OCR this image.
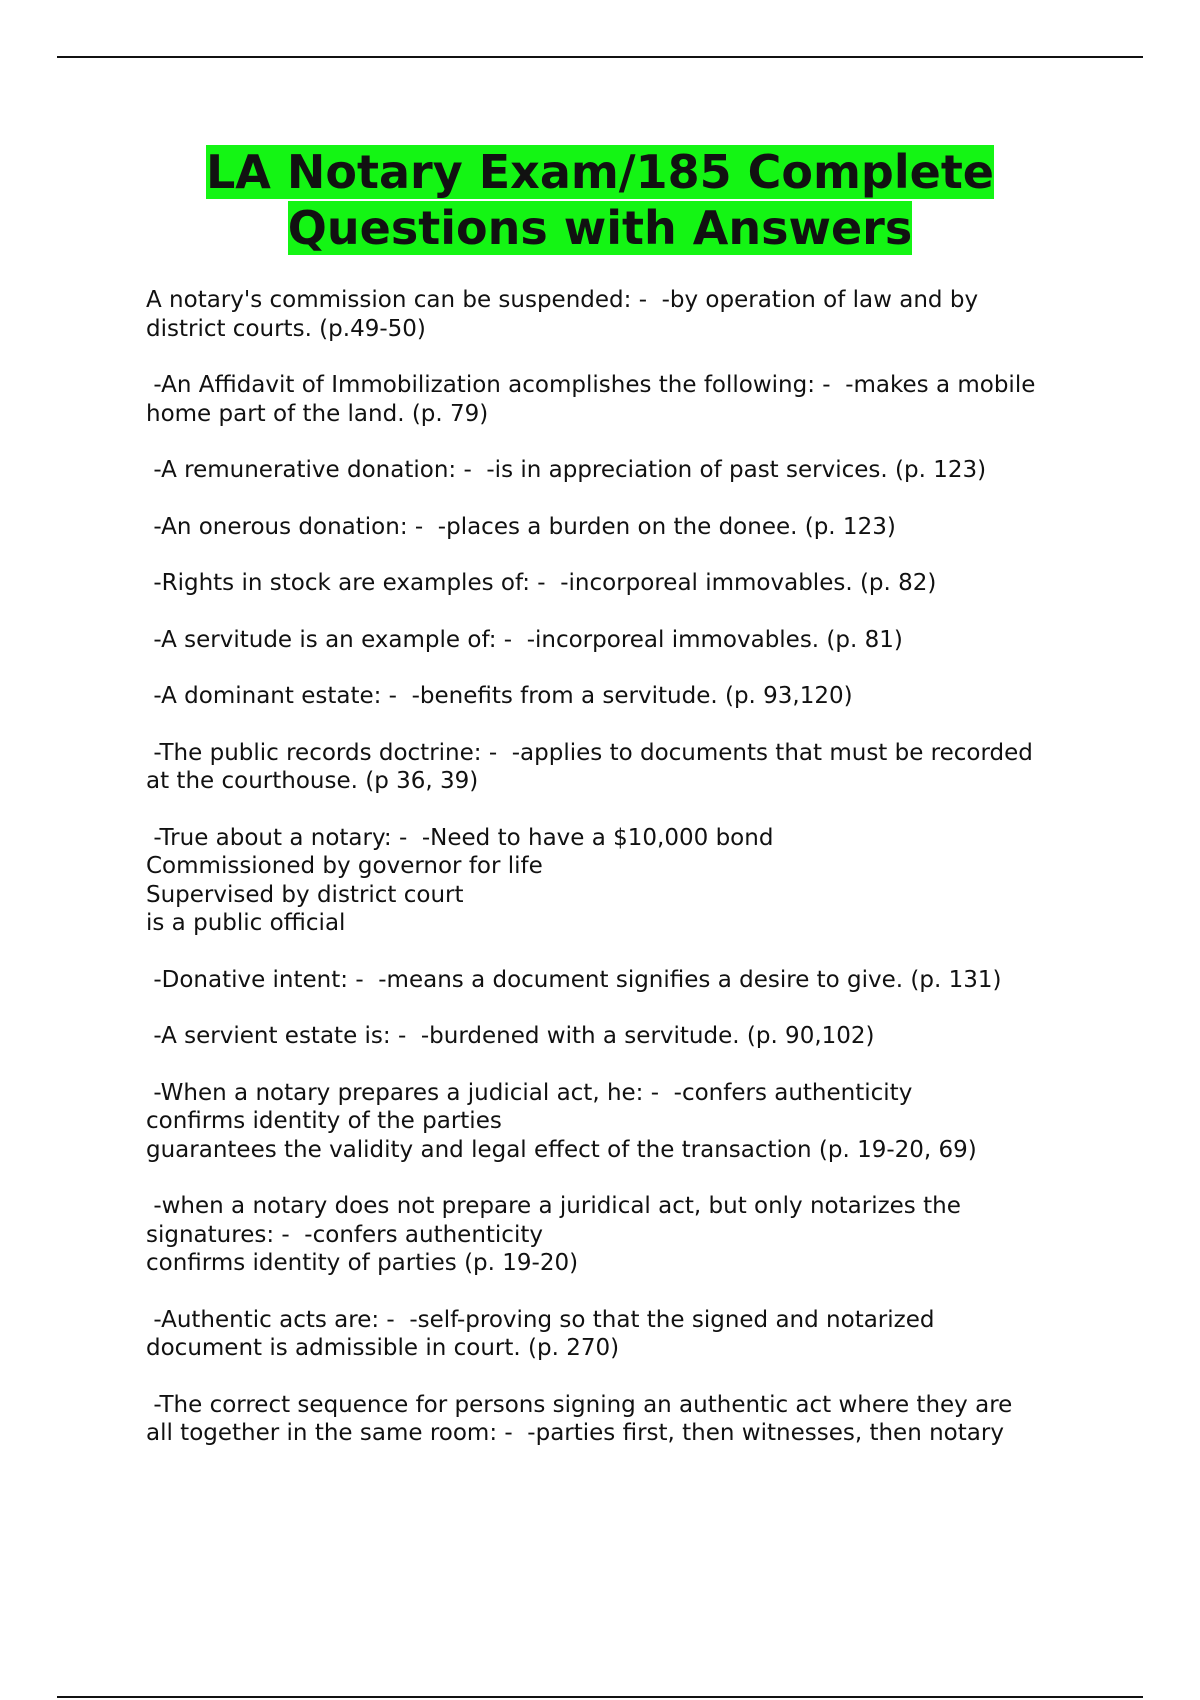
LA Notary Exam/185 Complete
Questions with Answers

A notary's commission can be suspended: -  -by operation of law and by
district courts. (p.49-50)

-An Affidavit of Immobilization acomplishes the following: -  -makes a mobile
home part of the land. (p. 79)

-A remunerative donation: -  -is in appreciation of past services. (p. 123)

-An onerous donation: -  -places a burden on the donee. (p. 123)

-Rights in stock are examples of: -  -incorporeal immovables. (p. 82)

-A servitude is an example of: -  -incorporeal immovables. (p. 81)

-A dominant estate: -  -benefits from a servitude. (p. 93,120)

-The public records doctrine: -  -applies to documents that must be recorded
at the courthouse. (p 36, 39)

-True about a notary: -  -Need to have a $10,000 bond
Commissioned by governor for life
Supervised by district court
is a public official

-Donative intent: -  -means a document signifies a desire to give. (p. 131)

-A servient estate is: -  -burdened with a servitude. (p. 90,102)

-When a notary prepares a judicial act, he: -  -confers authenticity
confirms identity of the parties
guarantees the validity and legal effect of the transaction (p. 19-20, 69)

-when a notary does not prepare a juridical act, but only notarizes the
signatures: -  -confers authenticity
confirms identity of parties (p. 19-20)

-Authentic acts are: -  -self-proving so that the signed and notarized
document is admissible in court. (p. 270)

-The correct sequence for persons signing an authentic act where they are
all together in the same room: -  -parties first, then witnesses, then notary
